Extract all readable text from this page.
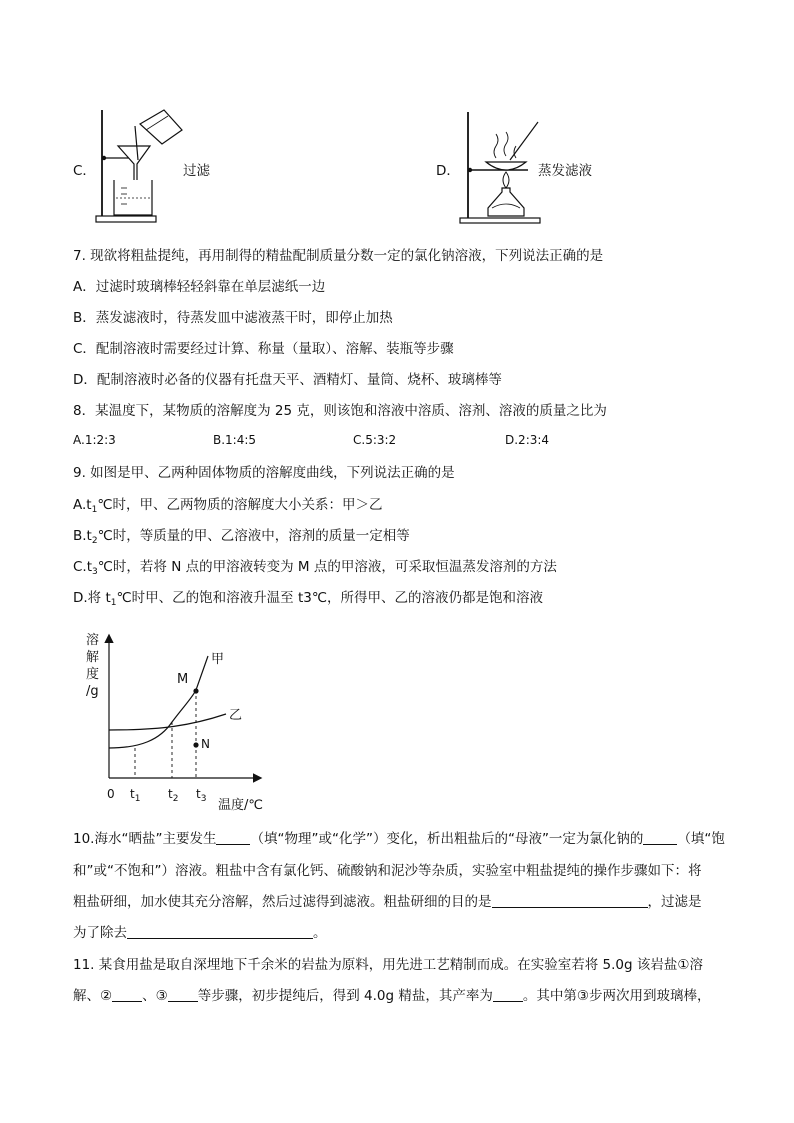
C．	过滤	D．	蒸发滤液
7. 现欲将粗盐提纯，再用制得的精盐配制质量分数一定的氯化钠溶液，下列说法正确的是
A．过滤时玻璃棒轻轻斜靠在单层滤纸一边
B．蒸发滤液时，待蒸发皿中滤液蒸干时，即停止加热
C．配制溶液时需要经过计算、称量（量取）、溶解、装瓶等步骤
D．配制溶液时必备的仪器有托盘天平、酒精灯、量筒、烧杯、玻璃棒等
8．某温度下，某物质的溶解度为 25 克，则该饱和溶液中溶质、溶剂、溶液的质量之比为
A.1:2:3	B.1:4:5	C.5:3:2	D.2:3:4
9. 如图是甲、乙两种固体物质的溶解度曲线，下列说法正确的是
$A.t_1℃$时，甲、乙两物质的溶解度大小关系：甲＞乙
$B.t_2℃$时，等质量的甲、乙溶液中，溶剂的质量一定相等
$C.t_3℃$时，若将 N 点的甲溶液转变为 M 点的甲溶液，可采取恒温蒸发溶剂的方法
D.将 $t_1℃$时甲、乙的饱和溶液升温至 t3℃，所得甲、乙的溶液仍都是饱和溶液
溶
解
度
/g
甲
M
乙
N
0 $t_1$ $t_2$ $t_3$ 温度/℃
10.海水“晒盐”主要发生	（填“物理”或“化学”）变化，析出粗盐后的“母液”一定为氯化钠的	（填“饱
和”或“不饱和”）溶液。粗盐中含有氯化钙、硫酸钠和泥沙等杂质，实验室中粗盐提纯的操作步骤如下：将
粗盐研细，加水使其充分溶解，然后过滤得到滤液。粗盐研细的目的是	，过滤是
为了除去	。
11. 某食用盐是取自深埋地下千余米的岩盐为原料，用先进工艺精制而成。在实验室若将 5.0g 该岩盐①溶
解、② 、③ 等步骤，初步提纯后，得到 4.0g 精盐，其产率为 。其中第③步两次用到玻璃棒，
